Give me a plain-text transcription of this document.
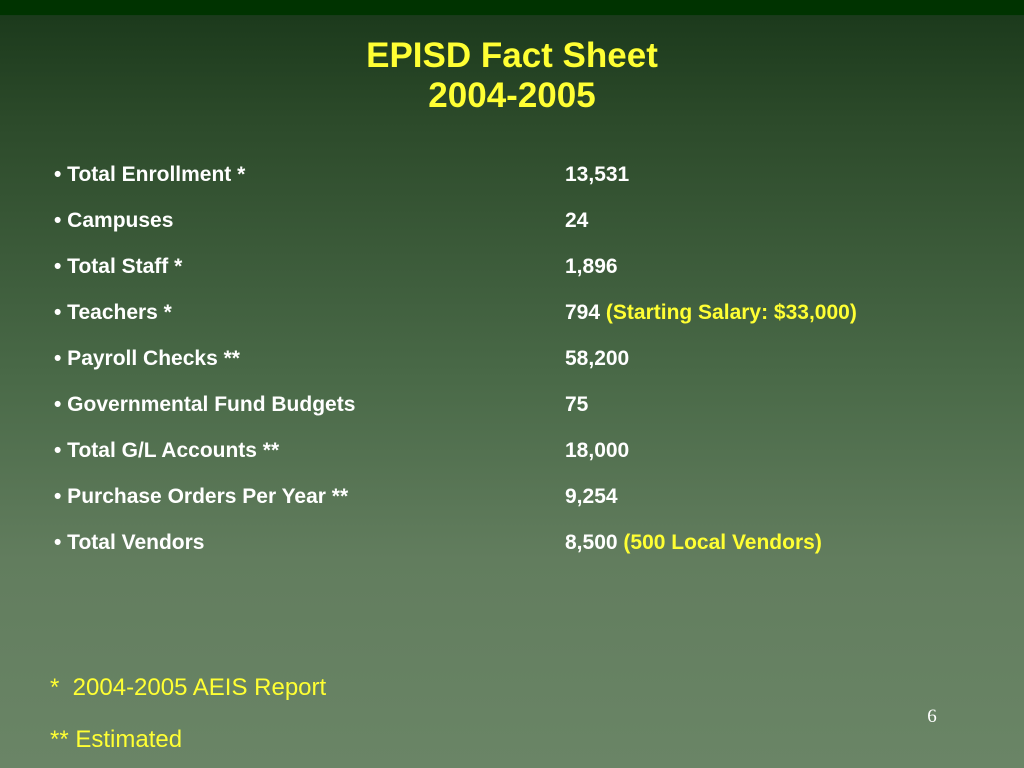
EPISD Fact Sheet
2004-2005
• Total Enrollment *	13,531
• Campuses	24
• Total Staff *	1,896
• Teachers *	794 (Starting Salary: $33,000)
• Payroll Checks **	58,200
• Governmental Fund Budgets	75
• Total G/L Accounts **	18,000
• Purchase Orders Per Year **	9,254
• Total Vendors	8,500 (500 Local Vendors)
*  2004-2005 AEIS Report
** Estimated
6
